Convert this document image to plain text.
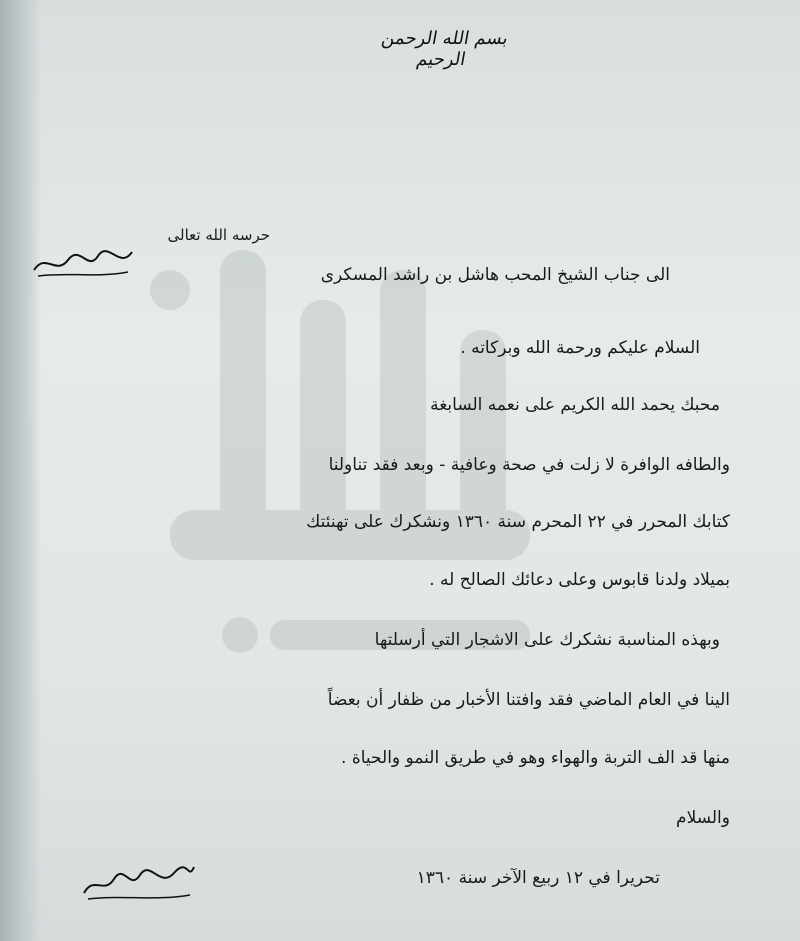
بسم الله الرحمن الرحيم
حرسه الله تعالى
الى جناب الشيخ المحب هاشل بن راشد المسكرى
السلام عليكم ورحمة الله وبركاته .
محبك يحمد الله الكريم على نعمه السابغة
والطافه الوافرة لا زلت في صحة وعافية - وبعد فقد تناولنا
كتابك المحرر في ٢٢ المحرم سنة ١٣٦٠ ونشكرك على تهنئتك
بميلاد ولدنا قابوس وعلى دعائك الصالح له .
وبهذه المناسبة نشكرك على الاشجار التي أرسلتها
الينا في العام الماضي فقد وافتنا الأخبار من ظفار أن بعضاً
منها قد الف التربة والهواء وهو في طريق النمو والحياة .
والسلام
تحريرا في ١٢ ربيع الآخر سنة ١٣٦٠
